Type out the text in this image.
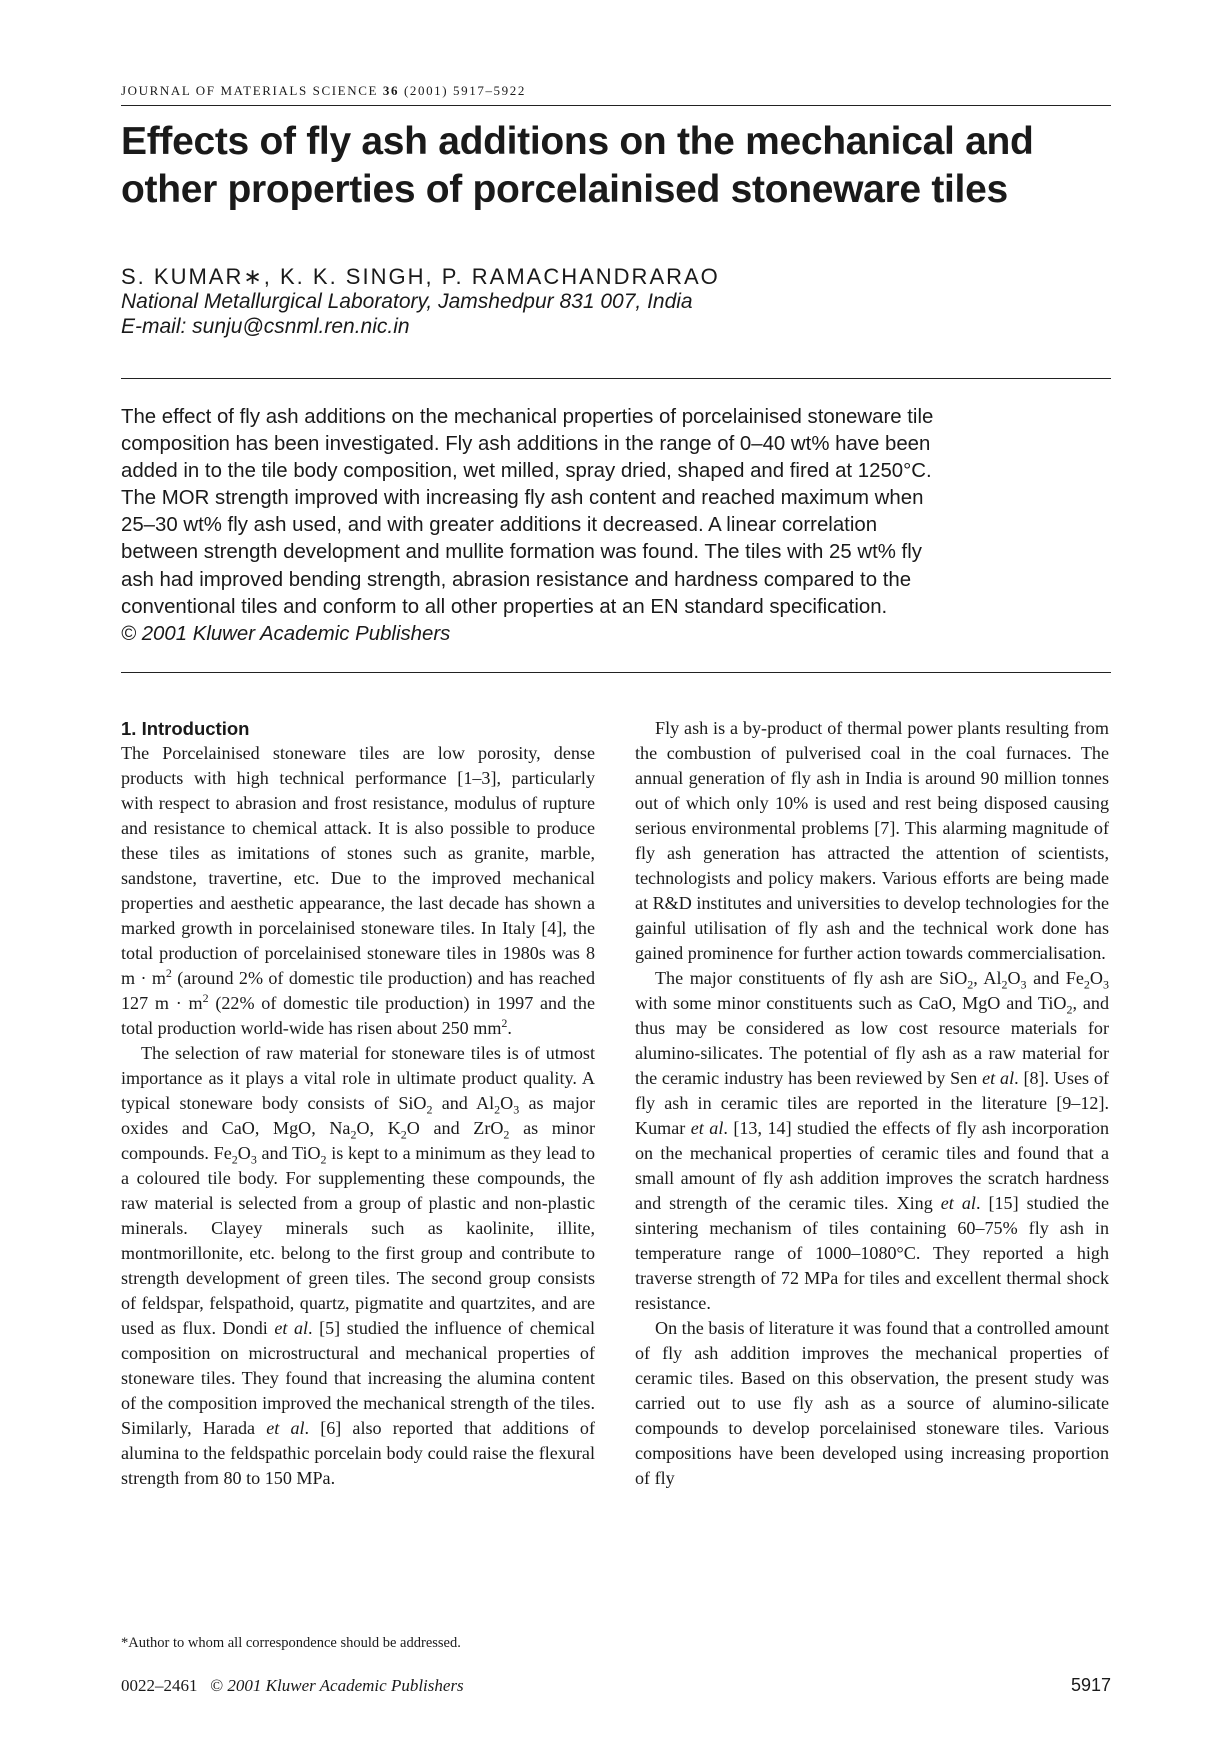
JOURNAL OF MATERIALS SCIENCE 36 (2001) 5917–5922
Effects of fly ash additions on the mechanical and
other properties of porcelainised stoneware tiles
S. KUMAR∗, K. K. SINGH, P. RAMACHANDRARAO
National Metallurgical Laboratory, Jamshedpur 831 007, India
E-mail: sunju@csnml.ren.nic.in
The effect of fly ash additions on the mechanical properties of porcelainised stoneware tile
composition has been investigated. Fly ash additions in the range of 0–40 wt% have been
added in to the tile body composition, wet milled, spray dried, shaped and fired at 1250°C.
The MOR strength improved with increasing fly ash content and reached maximum when
25–30 wt% fly ash used, and with greater additions it decreased. A linear correlation
between strength development and mullite formation was found. The tiles with 25 wt% fly
ash had improved bending strength, abrasion resistance and hardness compared to the
conventional tiles and conform to all other properties at an EN standard specification.
© 2001 Kluwer Academic Publishers
1. Introduction

The Porcelainised stoneware tiles are low porosity, dense products with high technical performance [1–3], particularly with respect to abrasion and frost resistance, modulus of rupture and resistance to chemical attack. It is also possible to produce these tiles as imitations of stones such as granite, marble, sandstone, travertine, etc. Due to the improved mechanical properties and aesthetic appearance, the last decade has shown a marked growth in porcelainised stoneware tiles. In Italy [4], the total production of porcelainised stoneware tiles in 1980s was 8 $m \cdot m^2$ (around 2% of domestic tile production) and has reached 127 $m \cdot m^2$ (22% of domestic tile production) in 1997 and the total production world-wide has risen about 250 $mm^2$.

The selection of raw material for stoneware tiles is of utmost importance as it plays a vital role in ultimate product quality. A typical stoneware body consists of SiO$_2$ and $Al_2O_3$ as major oxides and CaO, MgO, $Na_2O$, $K_2O$ and ZrO$_2$ as minor compounds. $Fe_2O_3$ and TiO$_2$ is kept to a minimum as they lead to a coloured tile body. For supplementing these compounds, the raw material is selected from a group of plastic and non-plastic minerals. Clayey minerals such as kaolinite, illite, montmorillonite, etc. belong to the first group and contribute to strength development of green tiles. The second group consists of feldspar, felspathoid, quartz, pigmatite and quartzites, and are used as flux. Dondi et al. [5] studied the influence of chemical composition on microstructural and mechanical properties of stoneware tiles. They found that increasing the alumina content of the composition improved the mechanical strength of the tiles. Similarly, Harada et al. [6] also reported that additions of alumina to the feldspathic porcelain body could raise the flexural strength from 80 to 150 MPa.

Fly ash is a by-product of thermal power plants resulting from the combustion of pulverised coal in the coal furnaces. The annual generation of fly ash in India is around 90 million tonnes out of which only 10% is used and rest being disposed causing serious environmental problems [7]. This alarming magnitude of fly ash generation has attracted the attention of scientists, technologists and policy makers. Various efforts are being made at R&D institutes and universities to develop technologies for the gainful utilisation of fly ash and the technical work done has gained prominence for further action towards commercialisation.

The major constituents of fly ash are SiO$_2$, $Al_2O_3$ and $Fe_2O_3$ with some minor constituents such as CaO, MgO and TiO$_2$, and thus may be considered as low cost resource materials for alumino-silicates. The potential of fly ash as a raw material for the ceramic industry has been reviewed by Sen et al. [8]. Uses of fly ash in ceramic tiles are reported in the literature [9–12]. Kumar et al. [13, 14] studied the effects of fly ash incorporation on the mechanical properties of ceramic tiles and found that a small amount of fly ash addition improves the scratch hardness and strength of the ceramic tiles. Xing et al. [15] studied the sintering mechanism of tiles containing 60–75% fly ash in temperature range of 1000–1080°C. They reported a high traverse strength of 72 MPa for tiles and excellent thermal shock resistance.

On the basis of literature it was found that a controlled amount of fly ash addition improves the mechanical properties of ceramic tiles. Based on this observation, the present study was carried out to use fly ash as a source of alumino-silicate compounds to develop porcelainised stoneware tiles. Various compositions have been developed using increasing proportion of fly

*Author to whom all correspondence should be addressed.
0022–2461 © 2001 Kluwer Academic Publishers	5917
